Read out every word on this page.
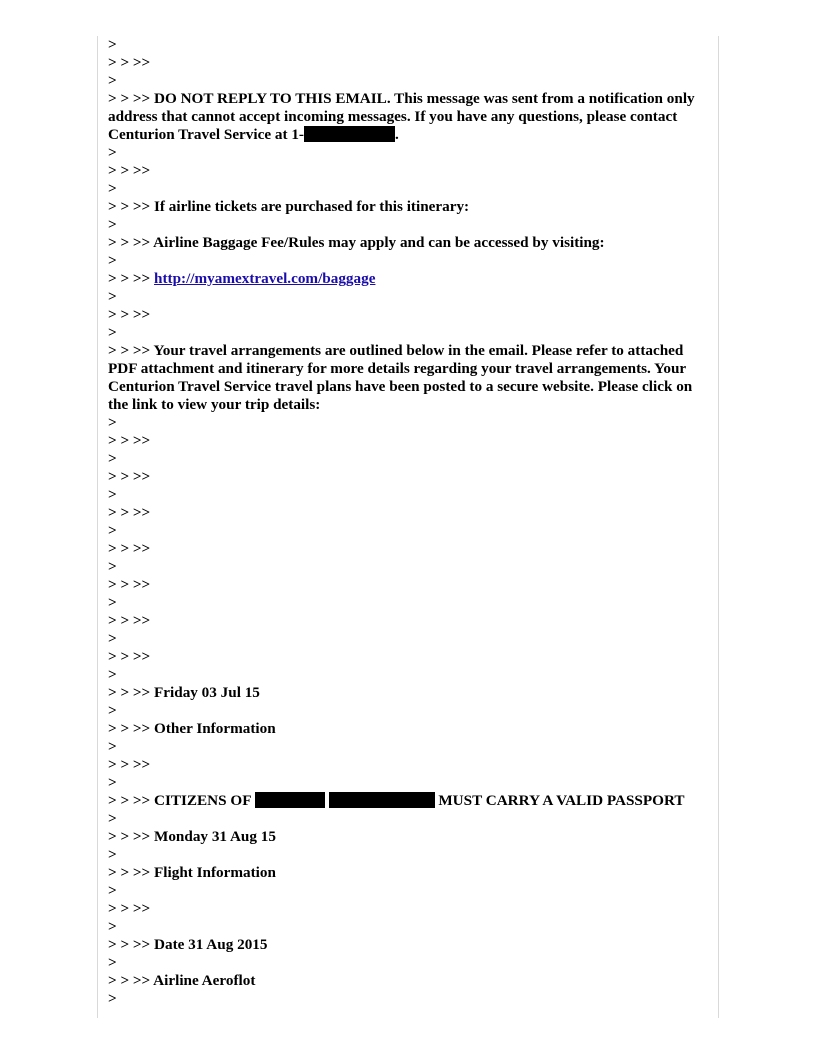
>
> > >>
>
> > >> DO NOT REPLY TO THIS EMAIL. This message was sent from a notification only address that cannot accept incoming messages. If you have any questions, please contact Centurion Travel Service at 1-	.
>
> > >>
>
> > >> If airline tickets are purchased for this itinerary:
>
> > >> Airline Baggage Fee/Rules may apply and can be accessed by visiting:
>
> > >> http://myamextravel.com/baggage
>
> > >>
>
> > >> Your travel arrangements are outlined below in the email. Please refer to attached PDF attachment and itinerary for more details regarding your travel arrangements. Your Centurion Travel Service travel plans have been posted to a secure website. Please click on the link to view your trip details:
>
> > >>
>
> > >>
>
> > >>
>
> > >>
>
> > >>
>
> > >>
>
> > >>
>
> > >> Friday 03 Jul 15
>
> > >> Other Information
>
> > >>
>
> > >> CITIZENS OF	MUST CARRY A VALID PASSPORT
>
> > >> Monday 31 Aug 15
>
> > >> Flight Information
>
> > >>
>
> > >> Date 31 Aug 2015
>
> > >> Airline Aeroflot
>
